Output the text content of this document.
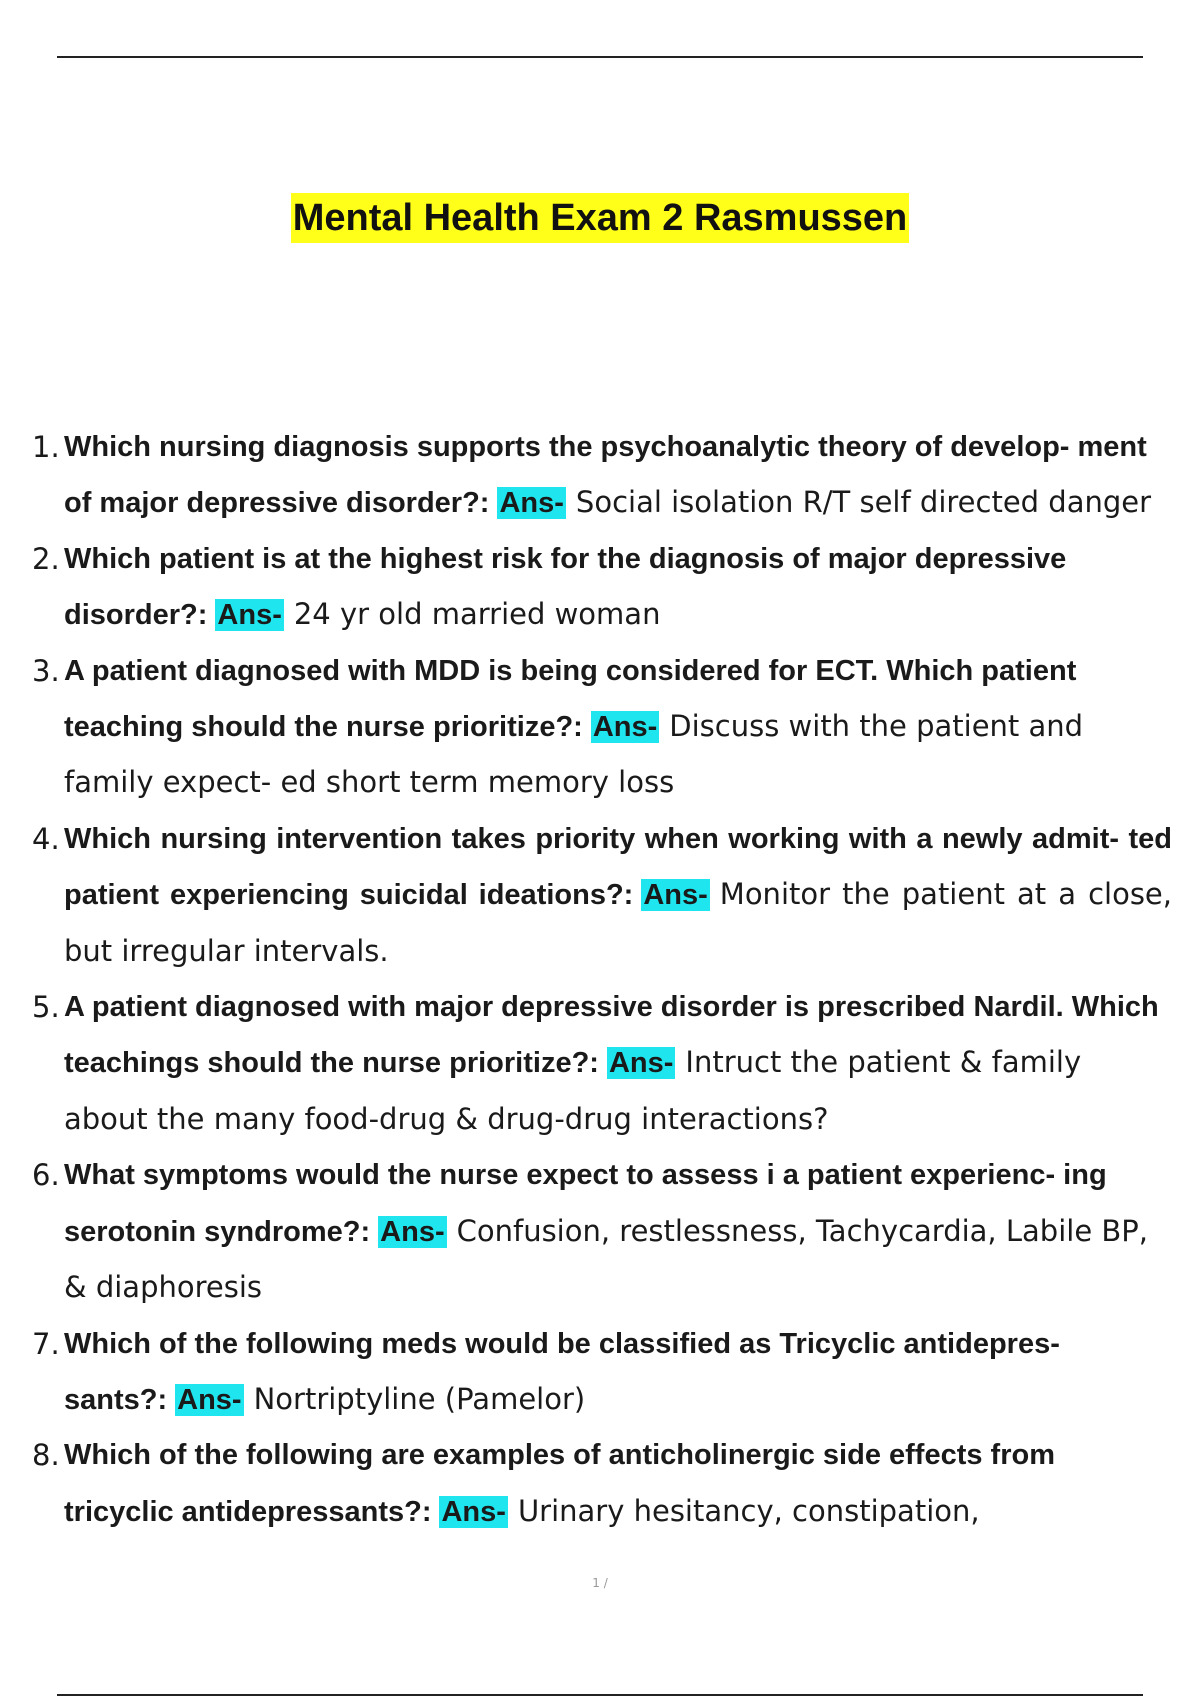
Mental Health Exam 2 Rasmussen
1. Which nursing diagnosis supports the psychoanalytic theory of develop- ment of major depressive disorder?: Ans- Social isolation R/T self directed danger
2. Which patient is at the highest risk for the diagnosis of major depressive disorder?: Ans- 24 yr old married woman
3. A patient diagnosed with MDD is being considered for ECT. Which patient teaching should the nurse prioritize?: Ans- Discuss with the patient and family expect- ed short term memory loss
4. Which nursing intervention takes priority when working with a newly admit- ted patient experiencing suicidal ideations?: Ans- Monitor the patient at a close, but irregular intervals.
5. A patient diagnosed with major depressive disorder is prescribed Nardil. Which teachings should the nurse prioritize?: Ans- Intruct the patient & family about the many food-drug & drug-drug interactions?
6. What symptoms would the nurse expect to assess i a patient experienc- ing serotonin syndrome?: Ans- Confusion, restlessness, Tachycardia, Labile BP, & diaphoresis
7. Which of the following meds would be classified as Tricyclic antidepres- sants?: Ans- Nortriptyline (Pamelor)
8. Which of the following are examples of anticholinergic side effects from tricyclic antidepressants?: Ans- Urinary hesitancy, constipation,
1 /
